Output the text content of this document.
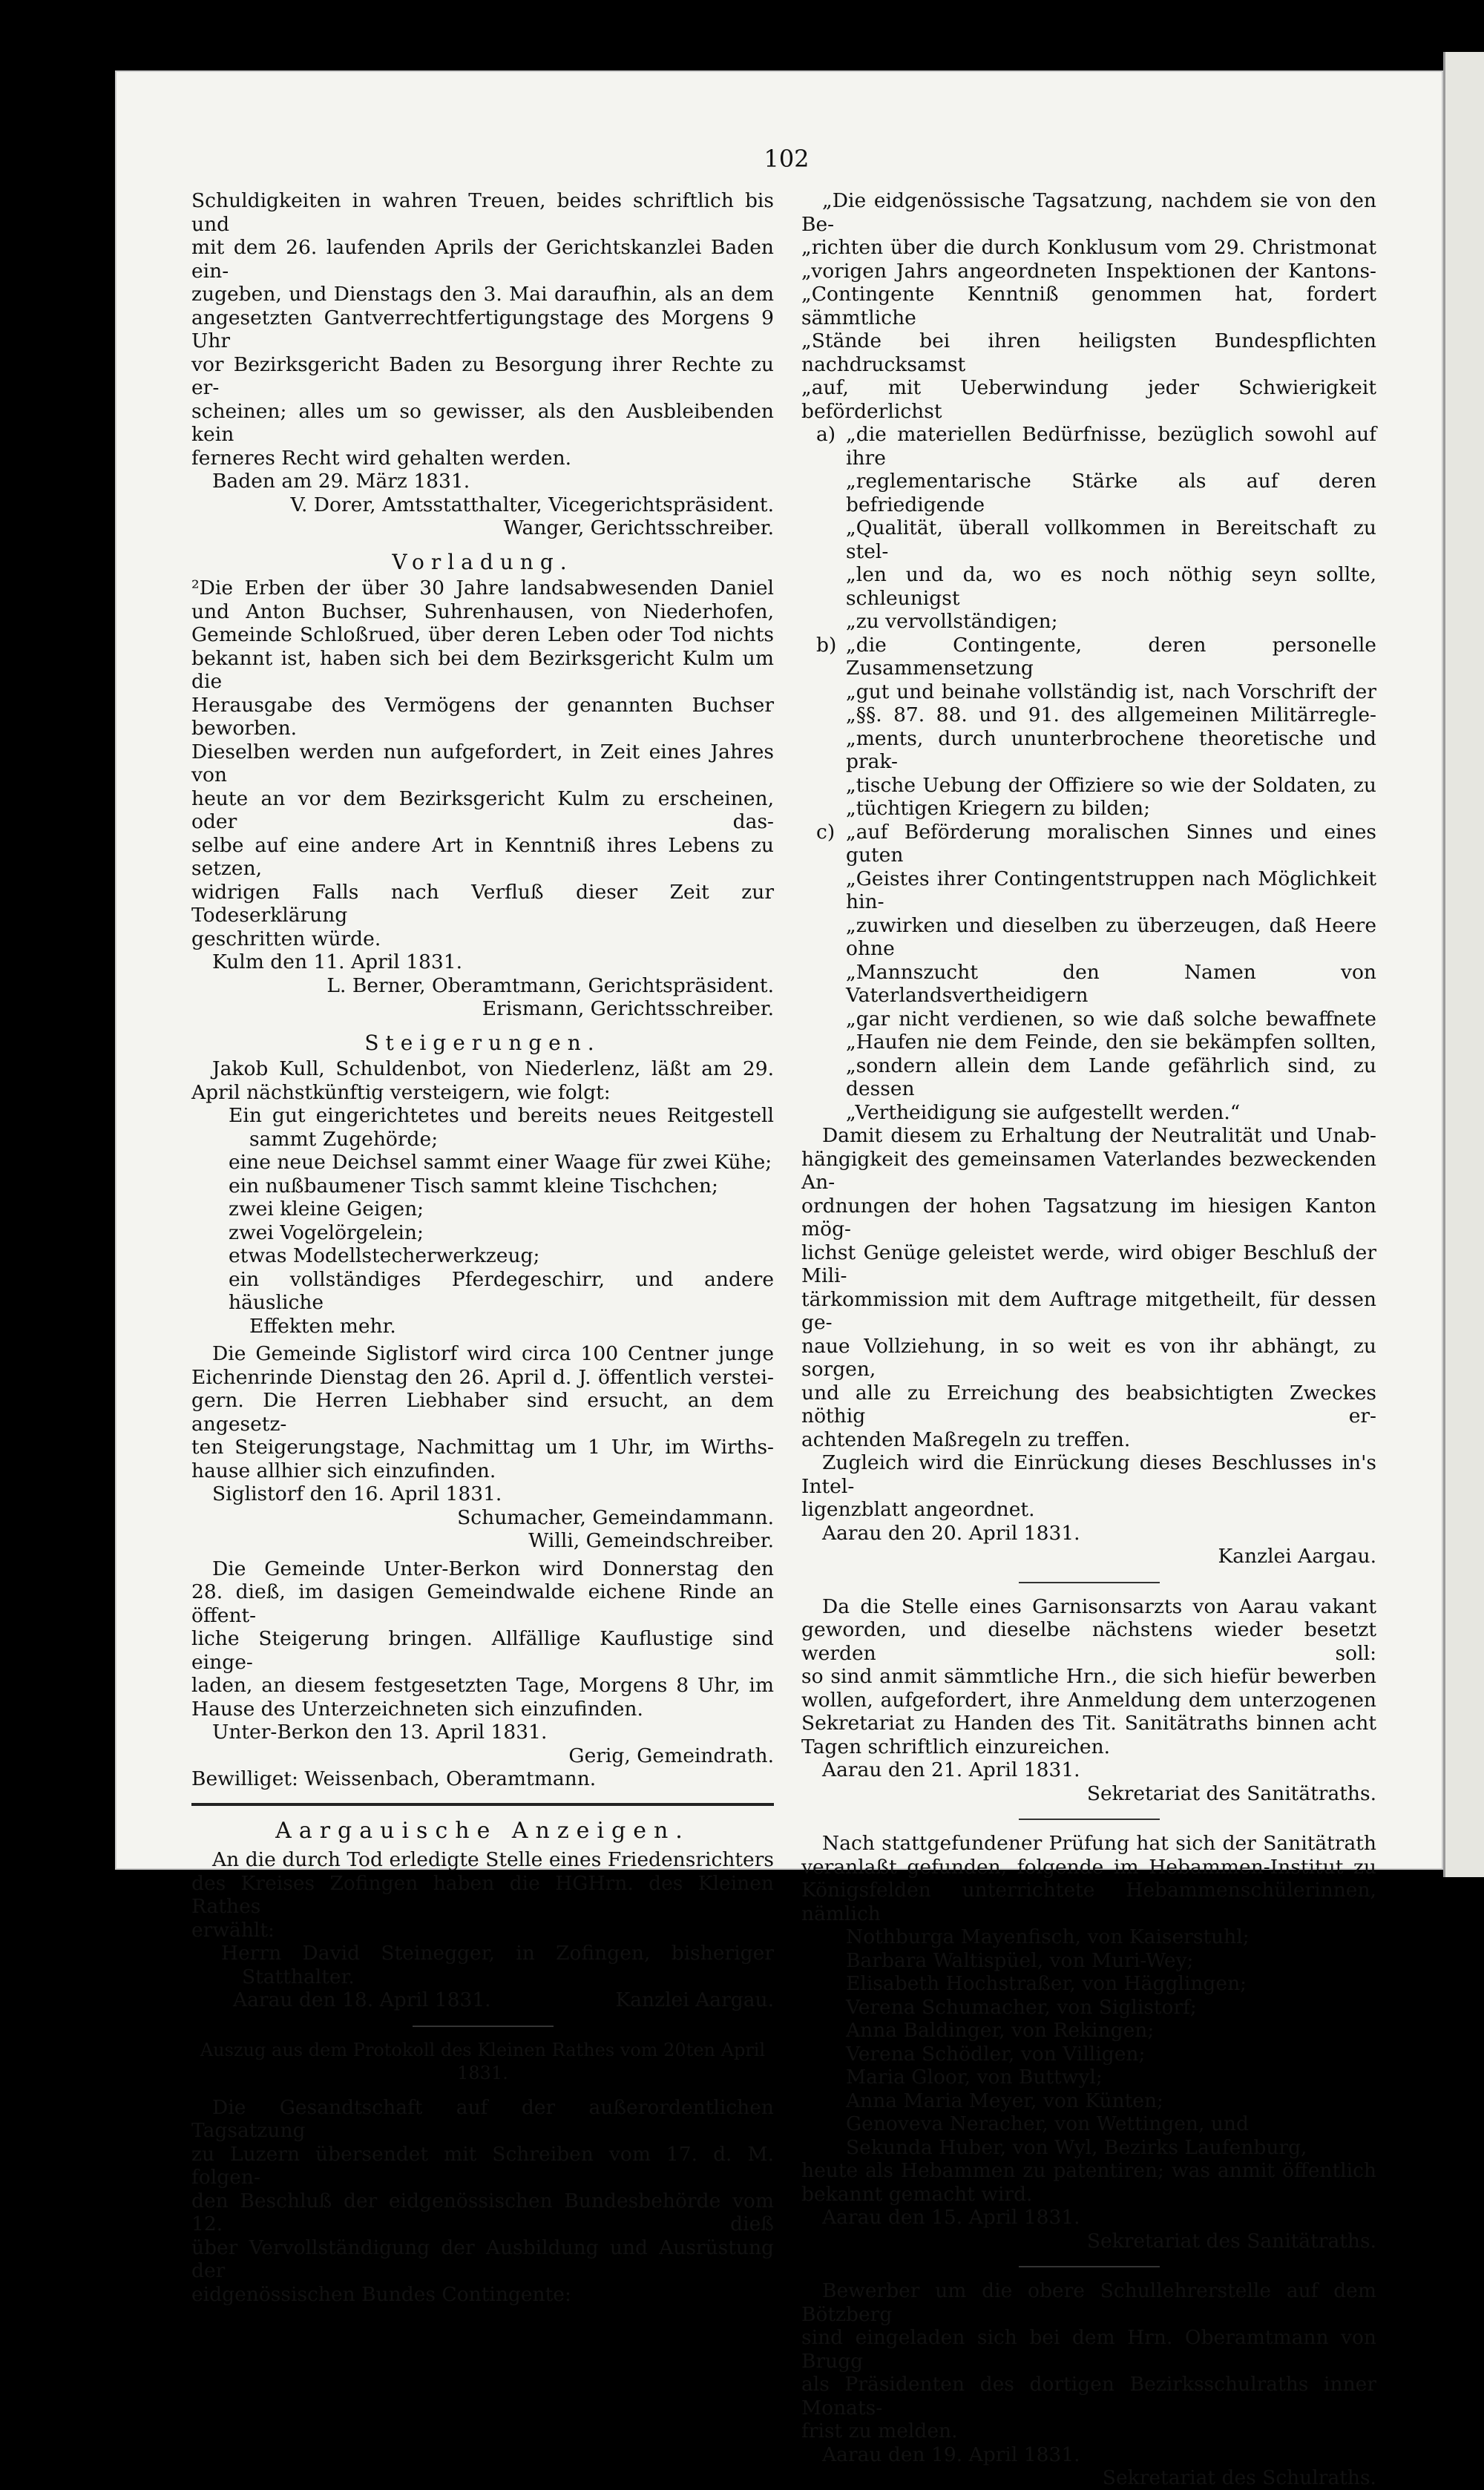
102

Schuldigkeiten in wahren Treuen, beides schriftlich bis und

mit dem 26. laufenden Aprils der Gerichtskanzlei Baden ein-

zugeben, und Dienstags den 3. Mai daraufhin, als an dem

angesetzten Gantverrechtfertigungstage des Morgens 9 Uhr

vor Bezirksgericht Baden zu Besorgung ihrer Rechte zu er-

scheinen; alles um so gewisser, als den Ausbleibenden kein

ferneres Recht wird gehalten werden.

Baden am 29. März 1831.

V. Dorer, Amtsstatthalter, Vicegerichtspräsident.

Wanger, Gerichtsschreiber.

Vorladung.

²Die Erben der über 30 Jahre landsabwesenden Daniel

und Anton Buchser, Suhrenhausen, von Niederhofen,

Gemeinde Schloßrued, über deren Leben oder Tod nichts

bekannt ist, haben sich bei dem Bezirksgericht Kulm um die

Herausgabe des Vermögens der genannten Buchser beworben.

Dieselben werden nun aufgefordert, in Zeit eines Jahres von

heute an vor dem Bezirksgericht Kulm zu erscheinen, oder das-

selbe auf eine andere Art in Kenntniß ihres Lebens zu setzen,

widrigen Falls nach Verfluß dieser Zeit zur Todeserklärung

geschritten würde.

Kulm den 11. April 1831.

L. Berner, Oberamtmann, Gerichtspräsident.

Erismann, Gerichtsschreiber.

Steigerungen.

Jakob Kull, Schuldenbot, von Niederlenz, läßt am 29.

April nächstkünftig versteigern, wie folgt:

Ein gut eingerichtetes und bereits neues Reitgestell

sammt Zugehörde;

eine neue Deichsel sammt einer Waage für zwei Kühe;

ein nußbaumener Tisch sammt kleine Tischchen;

zwei kleine Geigen;

zwei Vogelörgelein;

etwas Modellstecherwerkzeug;

ein vollständiges Pferdegeschirr, und andere häusliche

Effekten mehr.

Die Gemeinde Siglistorf wird circa 100 Centner junge

Eichenrinde Dienstag den 26. April d. J. öffentlich verstei-

gern. Die Herren Liebhaber sind ersucht, an dem angesetz-

ten Steigerungstage, Nachmittag um 1 Uhr, im Wirths-

hause allhier sich einzufinden.

Siglistorf den 16. April 1831.

Schumacher, Gemeindammann.

Willi, Gemeindschreiber.

Die Gemeinde Unter-Berkon wird Donnerstag den

28. dieß, im dasigen Gemeindwalde eichene Rinde an öffent-

liche Steigerung bringen. Allfällige Kauflustige sind einge-

laden, an diesem festgesetzten Tage, Morgens 8 Uhr, im

Hause des Unterzeichneten sich einzufinden.

Unter-Berkon den 13. April 1831.

Gerig, Gemeindrath.

Bewilliget: Weissenbach, Oberamtmann.

Aargauische Anzeigen.

An die durch Tod erledigte Stelle eines Friedensrichters

des Kreises Zofingen haben die HGHrn. des Kleinen Rathes

erwählt:

Herrn David Steinegger, in Zofingen, bisheriger

Statthalter.

Aarau den 18. April 1831.	Kanzlei Aargau.

Auszug aus dem Protokoll des Kleinen Rathes vom 20ten April 1831.

Die Gesandtschaft auf der außerordentlichen Tagsatzung

zu Luzern übersendet mit Schreiben vom 17. d. M. folgen-

den Beschluß der eidgenössischen Bundesbehörde vom 12. dieß

über Vervollständigung der Ausbildung und Ausrüstung der

eidgenössischen Bundes Contingente:

„Die eidgenössische Tagsatzung, nachdem sie von den Be-

„richten über die durch Konklusum vom 29. Christmonat

„vorigen Jahrs angeordneten Inspektionen der Kantons-

„Contingente Kenntniß genommen hat, fordert sämmtliche

„Stände bei ihren heiligsten Bundespflichten nachdrucksamst

„auf, mit Ueberwindung jeder Schwierigkeit beförderlichst

a) „die materiellen Bedürfnisse, bezüglich sowohl auf ihre

„reglementarische Stärke als auf deren befriedigende

„Qualität, überall vollkommen in Bereitschaft zu stel-

„len und da, wo es noch nöthig seyn sollte, schleunigst

„zu vervollständigen;

b) „die Contingente, deren personelle Zusammensetzung

„gut und beinahe vollständig ist, nach Vorschrift der

„§§. 87. 88. und 91. des allgemeinen Militärregle-

„ments, durch ununterbrochene theoretische und prak-

„tische Uebung der Offiziere so wie der Soldaten, zu

„tüchtigen Kriegern zu bilden;

c) „auf Beförderung moralischen Sinnes und eines guten

„Geistes ihrer Contingentstruppen nach Möglichkeit hin-

„zuwirken und dieselben zu überzeugen, daß Heere ohne

„Mannszucht den Namen von Vaterlandsvertheidigern

„gar nicht verdienen, so wie daß solche bewaffnete

„Haufen nie dem Feinde, den sie bekämpfen sollten,

„sondern allein dem Lande gefährlich sind, zu dessen

„Vertheidigung sie aufgestellt werden.“

Damit diesem zu Erhaltung der Neutralität und Unab-

hängigkeit des gemeinsamen Vaterlandes bezweckenden An-

ordnungen der hohen Tagsatzung im hiesigen Kanton mög-

lichst Genüge geleistet werde, wird obiger Beschluß der Mili-

tärkommission mit dem Auftrage mitgetheilt, für dessen ge-

naue Vollziehung, in so weit es von ihr abhängt, zu sorgen,

und alle zu Erreichung des beabsichtigten Zweckes nöthig er-

achtenden Maßregeln zu treffen.

Zugleich wird die Einrückung dieses Beschlusses in's Intel-

ligenzblatt angeordnet.

Aarau den 20. April 1831.

Kanzlei Aargau.

Da die Stelle eines Garnisonsarzts von Aarau vakant

geworden, und dieselbe nächstens wieder besetzt werden soll:

so sind anmit sämmtliche Hrn., die sich hiefür bewerben

wollen, aufgefordert, ihre Anmeldung dem unterzogenen

Sekretariat zu Handen des Tit. Sanitätraths binnen acht

Tagen schriftlich einzureichen.

Aarau den 21. April 1831.

Sekretariat des Sanitätraths.

Nach stattgefundener Prüfung hat sich der Sanitätrath

veranlaßt gefunden, folgende im Hebammen-Institut zu

Königsfelden unterrichtete Hebammenschülerinnen, nämlich

Nothburga Mayenfisch, von Kaiserstuhl;

Barbara Waltispüel, von Muri-Wey;

Elisabeth Hochstraßer, von Hägglingen;

Verena Schumacher, von Siglistorf;

Anna Baldinger, von Rekingen;

Verena Schödler, von Villigen;

Maria Gloor, von Buttwyl;

Anna Maria Meyer, von Künten;

Genoveva Neracher, von Wettingen, und

Sekunda Huber, von Wyl, Bezirks Laufenburg,

heute als Hebammen zu patentiren; was anmit öffentlich

bekannt gemacht wird.

Aarau den 15. April 1831.

Sekretariat des Sanitätraths.

Bewerber um die obere Schullehrerstelle auf dem Bötzberg

sind eingeladen sich bei dem Hrn. Oberamtmann von Brugg

als Präsidenten des dortigen Bezirksschulraths inner Monats-

frist zu melden.

Aarau den 19. April 1831.

Sekretariat des Schulraths.
